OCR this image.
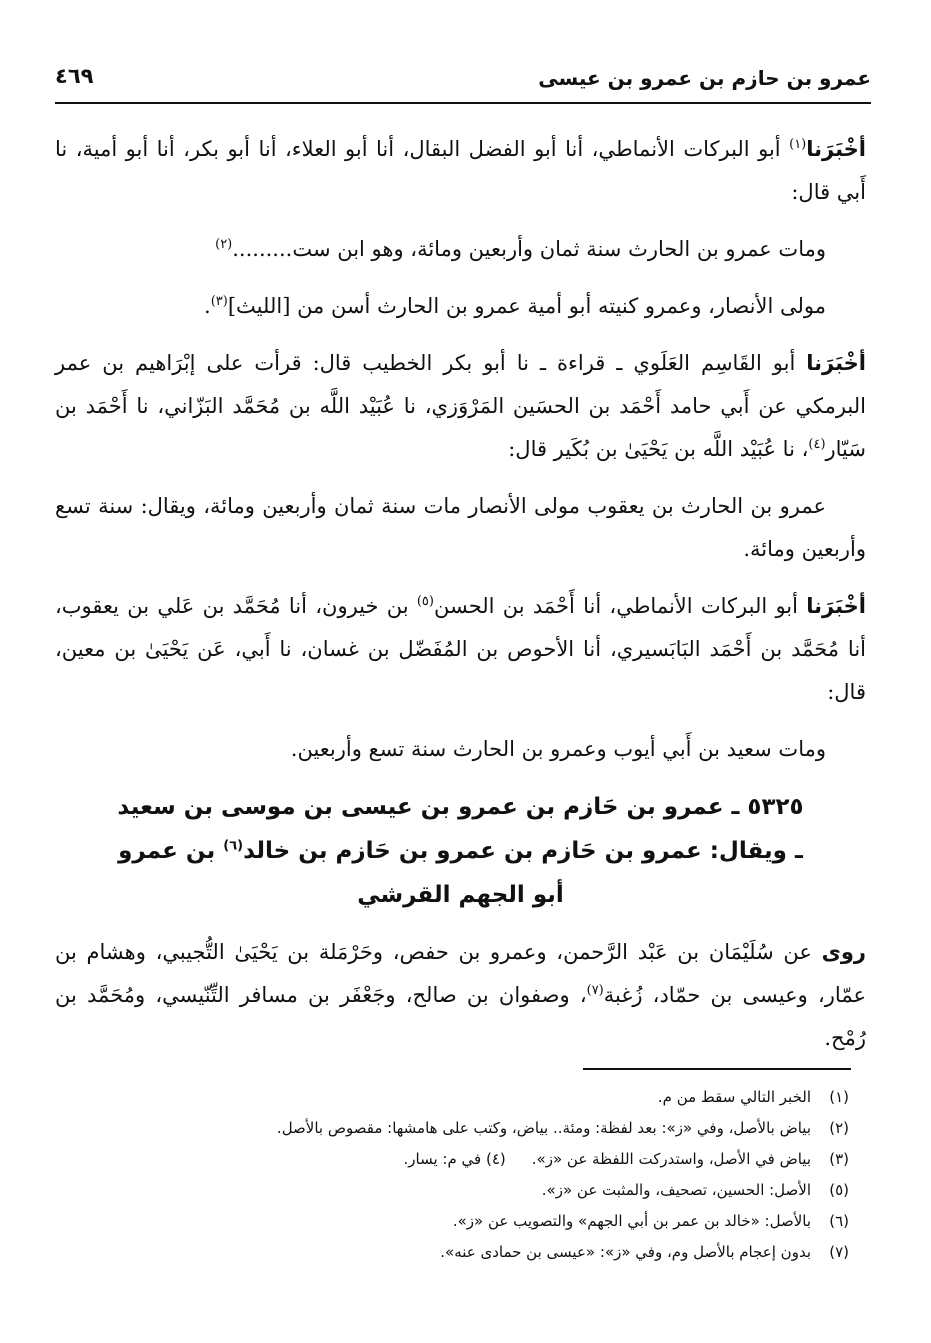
عمرو بن حازم بن عمرو بن عيسى
٤٦٩

أخْبَرَنا$^{(١)}$ أبو البركات الأنماطي، أنا أبو الفضل البقال، أنا أبو العلاء، أنا أبو بكر، أنا أبو أمية، نا أَبي قال:

ومات عمرو بن الحارث سنة ثمان وأربعين ومائة، وهو ابن ست.........$^{(٢)}$

مولى الأنصار، وعمرو كنيته أبو أمية عمرو بن الحارث أسن من [الليث]$^{(٣)}$.

أخْبَرَنا أبو القَاسِم العَلَوي ـ قراءة ـ نا أبو بكر الخطيب قال: قرأت على إبْرَاهيم بن عمر البرمكي عن أَبي حامد أَحْمَد بن الحسَين المَرْوَزي، نا عُبَيْد اللَّه بن مُحَمَّد البَزّاني، نا أَحْمَد بن سَيّار$^{(٤)}$، نا عُبَيْد اللَّه بن يَحْيَىٰ بن بُكَير قال:

عمرو بن الحارث بن يعقوب مولى الأنصار مات سنة ثمان وأربعين ومائة، ويقال: سنة تسع وأربعين ومائة.

أخْبَرَنا أبو البركات الأنماطي، أنا أَحْمَد بن الحسن$^{(٥)}$ بن خيرون، أنا مُحَمَّد بن عَلي بن يعقوب، أنا مُحَمَّد بن أَحْمَد البَابَسيري، أنا الأحوص بن المُفَضّل بن غسان، نا أَبي، عَن يَحْيَىٰ بن معين، قال:

ومات سعيد بن أَبي أيوب وعمرو بن الحارث سنة تسع وأربعين.

٥٣٢٥ ـ عمرو بن حَازم بن عمرو بن عيسى بن موسى بن سعيد
ـ ويقال: عمرو بن حَازم بن عمرو بن حَازم بن خالد$^{(٦)}$ بن عمرو
أبو الجهم القرشي

روى عن سُلَيْمَان بن عَبْد الرَّحمن، وعمرو بن حفص، وحَرْمَلة بن يَحْيَىٰ التُّجيبي، وهشام بن عمّار، وعيسى بن حمّاد، زُغبة$^{(٧)}$، وصفوان بن صالح، وجَعْفَر بن مسافر التِّنّيسي، ومُحَمَّد بن رُمْح.

(١)الخبر التالي سقط من م.
(٢)بياض بالأصل، وفي «ز»: بعد لفظة: ومئة.. بياض، وكتب على هامشها: مقصوص بالأصل.
(٣)بياض في الأصل، واستدركت اللفظة عن «ز».(٤) في م: يسار.
(٥)الأصل: الحسين، تصحيف، والمثبت عن «ز».
(٦)بالأصل: «خالد بن عمر بن أبي الجهم» والتصويب عن «ز».
(٧)بدون إعجام بالأصل وم، وفي «ز»: «عيسى بن حمادى عنه».
